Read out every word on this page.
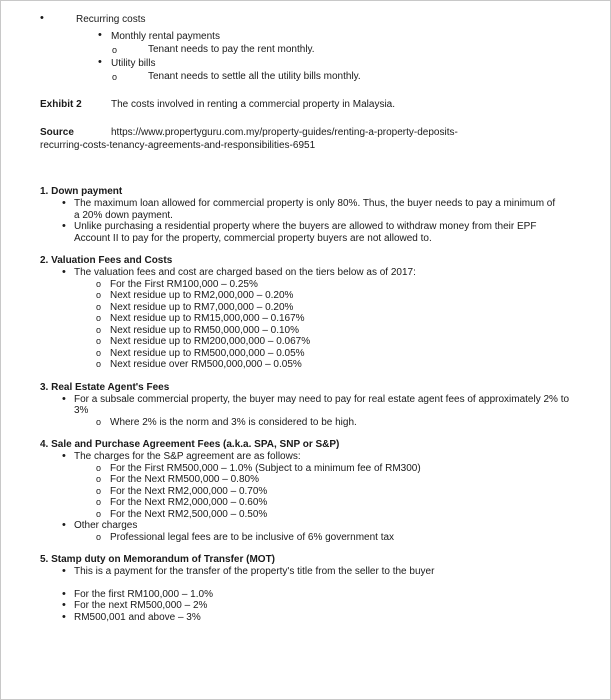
•	Recurring costs
• Monthly rental payments
o	Tenant needs to pay the rent monthly.
• Utility bills
o	Tenant needs to settle all the utility bills monthly.
Exhibit 2	The costs involved in renting a commercial property in Malaysia.
Source	https://www.propertyguru.com.my/property-guides/renting-a-property-deposits-
recurring-costs-tenancy-agreements-and-responsibilities-6951
1. Down payment
• The maximum loan allowed for commercial property is only 80%. Thus, the buyer needs to pay a minimum of a 20% down payment.
• Unlike purchasing a residential property where the buyers are allowed to withdraw money from their EPF Account II to pay for the property, commercial property buyers are not allowed to.
2. Valuation Fees and Costs
• The valuation fees and cost are charged based on the tiers below as of 2017:
o For the First RM100,000 – 0.25%
o Next residue up to RM2,000,000 – 0.20%
o Next residue up to RM7,000,000 – 0.20%
o Next residue up to RM15,000,000 – 0.167%
o Next residue up to RM50,000,000 – 0.10%
o Next residue up to RM200,000,000 – 0.067%
o Next residue up to RM500,000,000 – 0.05%
o Next residue over RM500,000,000 – 0.05%
3. Real Estate Agent's Fees
• For a subsale commercial property, the buyer may need to pay for real estate agent fees of approximately 2% to 3%
o Where 2% is the norm and 3% is considered to be high.
4. Sale and Purchase Agreement Fees (a.k.a. SPA, SNP or S&P)
• The charges for the S&P agreement are as follows:
o For the First RM500,000 – 1.0% (Subject to a minimum fee of RM300)
o For the Next RM500,000 – 0.80%
o For the Next RM2,000,000 – 0.70%
o For the Next RM2,000,000 – 0.60%
o For the Next RM2,500,000 – 0.50%
• Other charges
o Professional legal fees are to be inclusive of 6% government tax
5. Stamp duty on Memorandum of Transfer (MOT)
• This is a payment for the transfer of the property's title from the seller to the buyer
• For the first RM100,000 – 1.0%
• For the next RM500,000 – 2%
• RM500,001 and above – 3%
